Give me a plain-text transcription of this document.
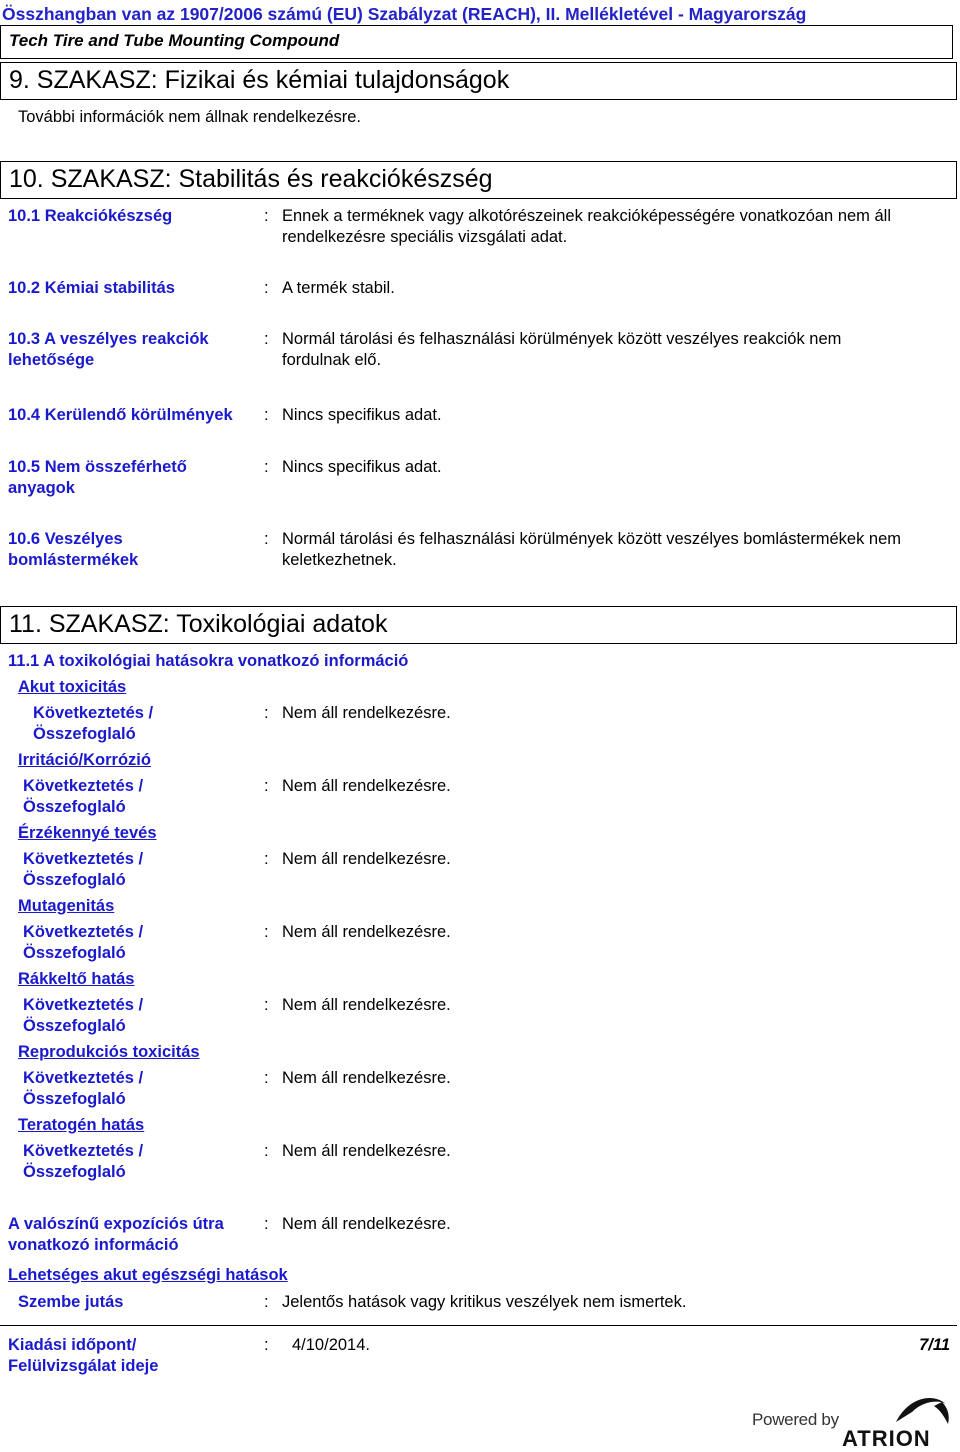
Összhangban van az 1907/2006 számú (EU) Szabályzat (REACH), II. Mellékletével - Magyarország
Tech Tire and Tube Mounting Compound
9. SZAKASZ: Fizikai és kémiai tulajdonságok
További információk nem állnak rendelkezésre.
10. SZAKASZ: Stabilitás és reakciókészség
10.1 Reakciókészség	: Ennek a terméknek vagy alkotórészeinek reakcióképességére vonatkozóan nem áll rendelkezésre speciális vizsgálati adat.
10.2 Kémiai stabilitás	: A termék stabil.
10.3 A veszélyes reakciók lehetősége
: Normál tárolási és felhasználási körülmények között veszélyes reakciók nem fordulnak elő.
10.4 Kerülendő körülmények : Nincs specifikus adat.
10.5 Nem összeférhető anyagok
: Nincs specifikus adat.
10.6 Veszélyes bomlástermékek
: Normál tárolási és felhasználási körülmények között veszélyes bomlástermékek nem keletkezhetnek.
11. SZAKASZ: Toxikológiai adatok
11.1 A toxikológiai hatásokra vonatkozó információ
Akut toxicitás
Következtetés / Összefoglaló
: Nem áll rendelkezésre.
Irritáció/Korrózió
Következtetés / Összefoglaló
: Nem áll rendelkezésre.
Érzékennyé tevés
Következtetés / Összefoglaló
: Nem áll rendelkezésre.
Mutagenitás
Következtetés / Összefoglaló
: Nem áll rendelkezésre.
Rákkeltő hatás
Következtetés / Összefoglaló
: Nem áll rendelkezésre.
Reprodukciós toxicitás
Következtetés / Összefoglaló
: Nem áll rendelkezésre.
Teratogén hatás
Következtetés / Összefoglaló
: Nem áll rendelkezésre.
A valószínű expozíciós útra vonatkozó információ
: Nem áll rendelkezésre.
Lehetséges akut egészségi hatások
Szembe jutás	: Jelentős hatások vagy kritikus veszélyek nem ismertek.
Kiadási időpont/ Felülvizsgálat ideje
: 4/10/2014.	7/11
Powered by
ATRION
